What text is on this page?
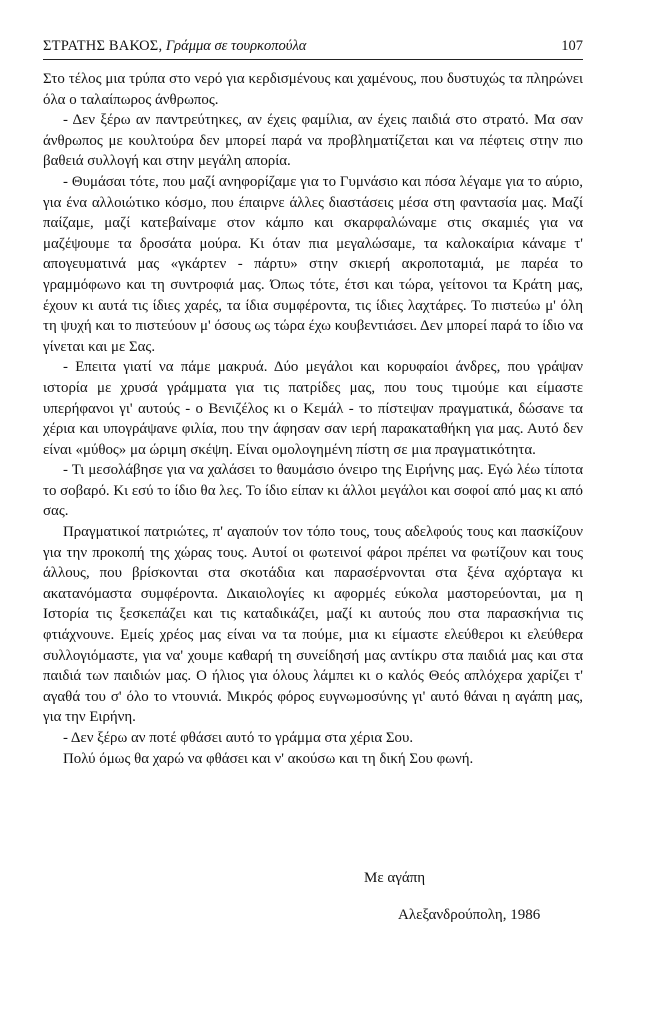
ΣΤΡΑΤΗΣ ΒΑΚΟΣ, Γράμμα σε τουρκοπούλα	107

Στο τέλος μια τρύπα στο νερό για κερδισμένους και χαμένους, που δυστυχώς τα πληρώνει όλα ο ταλαίπωρος άνθρωπος.

- Δεν ξέρω αν παντρεύτηκες, αν έχεις φαμίλια, αν έχεις παιδιά στο στρατό. Μα σαν άνθρωπος με κουλτούρα δεν μπορεί παρά να προβληματίζεται και να πέφτεις στην πιο βαθειά συλλογή και στην μεγάλη απορία.

- Θυμάσαι τότε, που μαζί ανηφορίζαμε για το Γυμνάσιο και πόσα λέγαμε για το αύριο, για ένα αλλοιώτικο κόσμο, που έπαιρνε άλλες διαστάσεις μέσα στη φαντασία μας. Μαζί παίζαμε, μαζί κατεβαίναμε στον κάμπο και σκαρφαλώναμε στις σκαμιές για να μαζέψουμε τα δροσάτα μούρα. Κι όταν πια μεγαλώσαμε, τα καλοκαίρια κάναμε τ' απογευματινά μας «γκάρτεν - πάρτυ» στην σκιερή ακροποταμιά, με παρέα το γραμμόφωνο και τη συντροφιά μας. Όπως τότε, έτσι και τώρα, γείτονοι τα Κράτη μας, έχουν κι αυτά τις ίδιες χαρές, τα ίδια συμφέροντα, τις ίδιες λαχτάρες. Το πιστεύω μ' όλη τη ψυχή και το πιστεύουν μ' όσους ως τώρα έχω κουβεντιάσει. Δεν μπορεί παρά το ίδιο να γίνεται και με Σας.

- Επειτα γιατί να πάμε μακρυά. Δύο μεγάλοι και κορυφαίοι άνδρες, που γράψαν ιστορία με χρυσά γράμματα για τις πατρίδες μας, που τους τιμούμε και είμαστε υπερήφανοι γι' αυτούς - ο Βενιζέλος κι ο Κεμάλ - το πίστεψαν πραγματικά, δώσανε τα χέρια και υπογράψανε φιλία, που την άφησαν σαν ιερή παρακαταθήκη για μας. Αυτό δεν είναι «μύθος» μα ώριμη σκέψη. Είναι ομολογημένη πίστη σε μια πραγματικότητα.

- Τι μεσολάβησε για να χαλάσει το θαυμάσιο όνειρο της Ειρήνης μας. Εγώ λέω τίποτα το σοβαρό. Κι εσύ το ίδιο θα λες. Το ίδιο είπαν κι άλλοι μεγάλοι και σοφοί από μας κι από σας.

Πραγματικοί πατριώτες, π' αγαπούν τον τόπο τους, τους αδελφούς τους και πασκίζουν για την προκοπή της χώρας τους. Αυτοί οι φωτεινοί φάροι πρέπει να φωτίζουν και τους άλλους, που βρίσκονται στα σκοτάδια και παρασέρνονται στα ξένα αχόρταγα κι ακατανόμαστα συμφέροντα. Δικαιολογίες κι αφορμές εύκολα μαστορεύονται, μα η Ιστορία τις ξεσκεπάζει και τις καταδικάζει, μαζί κι αυτούς που στα παρασκήνια τις φτιάχνουνε. Εμείς χρέος μας είναι να τα πούμε, μια κι είμαστε ελεύθεροι κι ελεύθερα συλλογιόμαστε, για να' χουμε καθαρή τη συνείδησή μας αντίκρυ στα παιδιά μας και στα παιδιά των παιδιών μας. Ο ήλιος για όλους λάμπει κι ο καλός Θεός απλόχερα χαρίζει τ' αγαθά του σ' όλο το ντουνιά. Μικρός φόρος ευγνωμοσύνης γι' αυτό θάναι η αγάπη μας, για την Ειρήνη.

- Δεν ξέρω αν ποτέ φθάσει αυτό το γράμμα στα χέρια Σου.

Πολύ όμως θα χαρώ να φθάσει και ν' ακούσω και τη δική Σου φωνή.

Με αγάπη
Αλεξανδρούπολη, 1986
